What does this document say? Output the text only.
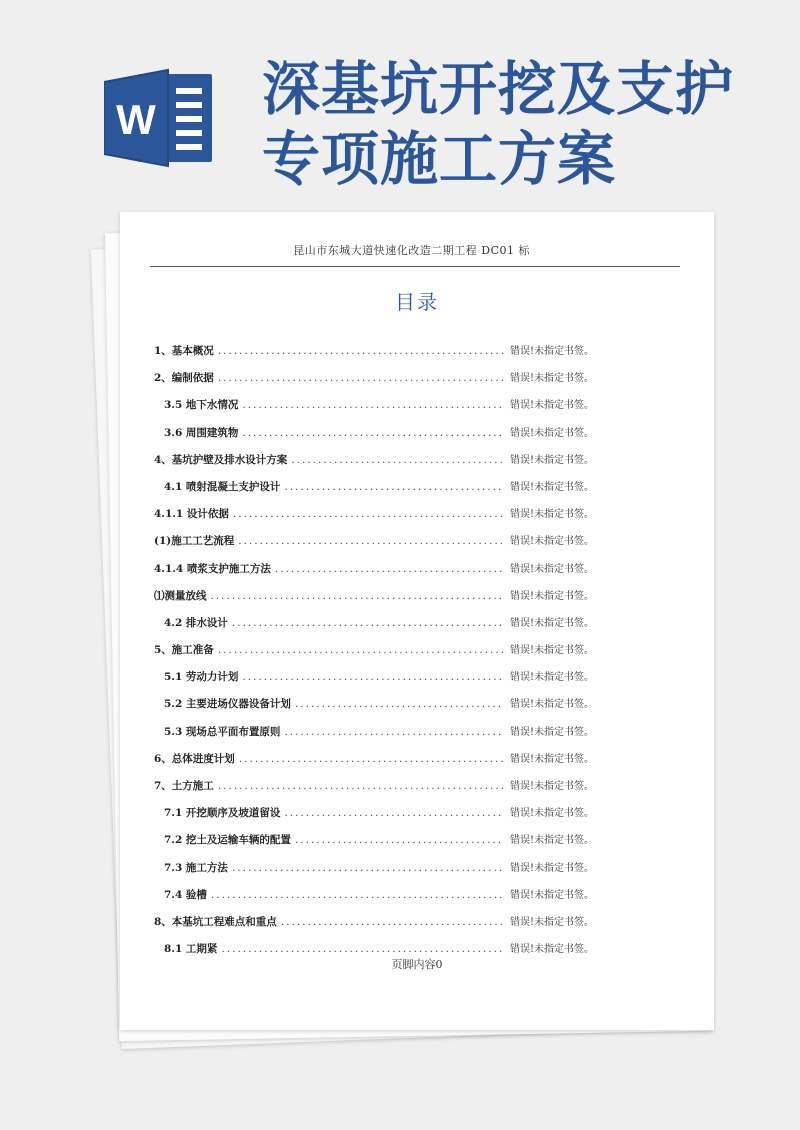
W 深基坑开挖及支护
专项施工方案
昆山市东城大道快速化改造二期工程 DC01 标
目录
1、基本概况 .....	错误!未指定书签。
2、编制依据 .....	错误!未指定书签。
3.5 地下水情况 .....	错误!未指定书签。
3.6 周围建筑物 .....	错误!未指定书签。
4、基坑护壁及排水设计方案 .....	错误!未指定书签。
4.1 喷射混凝土支护设计 .....	错误!未指定书签。
4.1.1 设计依据 .....	错误!未指定书签。
(1)施工工艺流程 .....	错误!未指定书签。
4.1.4 喷浆支护施工方法 .....	错误!未指定书签。
⑴测量放线 .....	错误!未指定书签。
4.2 排水设计 .....	错误!未指定书签。
5、施工准备 .....	错误!未指定书签。
5.1 劳动力计划 .....	错误!未指定书签。
5.2 主要进场仪器设备计划 .....	错误!未指定书签。
5.3 现场总平面布置原则 .....	错误!未指定书签。
6、总体进度计划 .....	错误!未指定书签。
7、土方施工 .....	错误!未指定书签。
7.1 开挖顺序及坡道留设 .....	错误!未指定书签。
7.2 挖土及运输车辆的配置 .....	错误!未指定书签。
7.3 施工方法 .....	错误!未指定书签。
7.4 验槽 .....	错误!未指定书签。
8、本基坑工程难点和重点 .....	错误!未指定书签。
8.1 工期紧 .....	错误!未指定书签。
页脚内容0
